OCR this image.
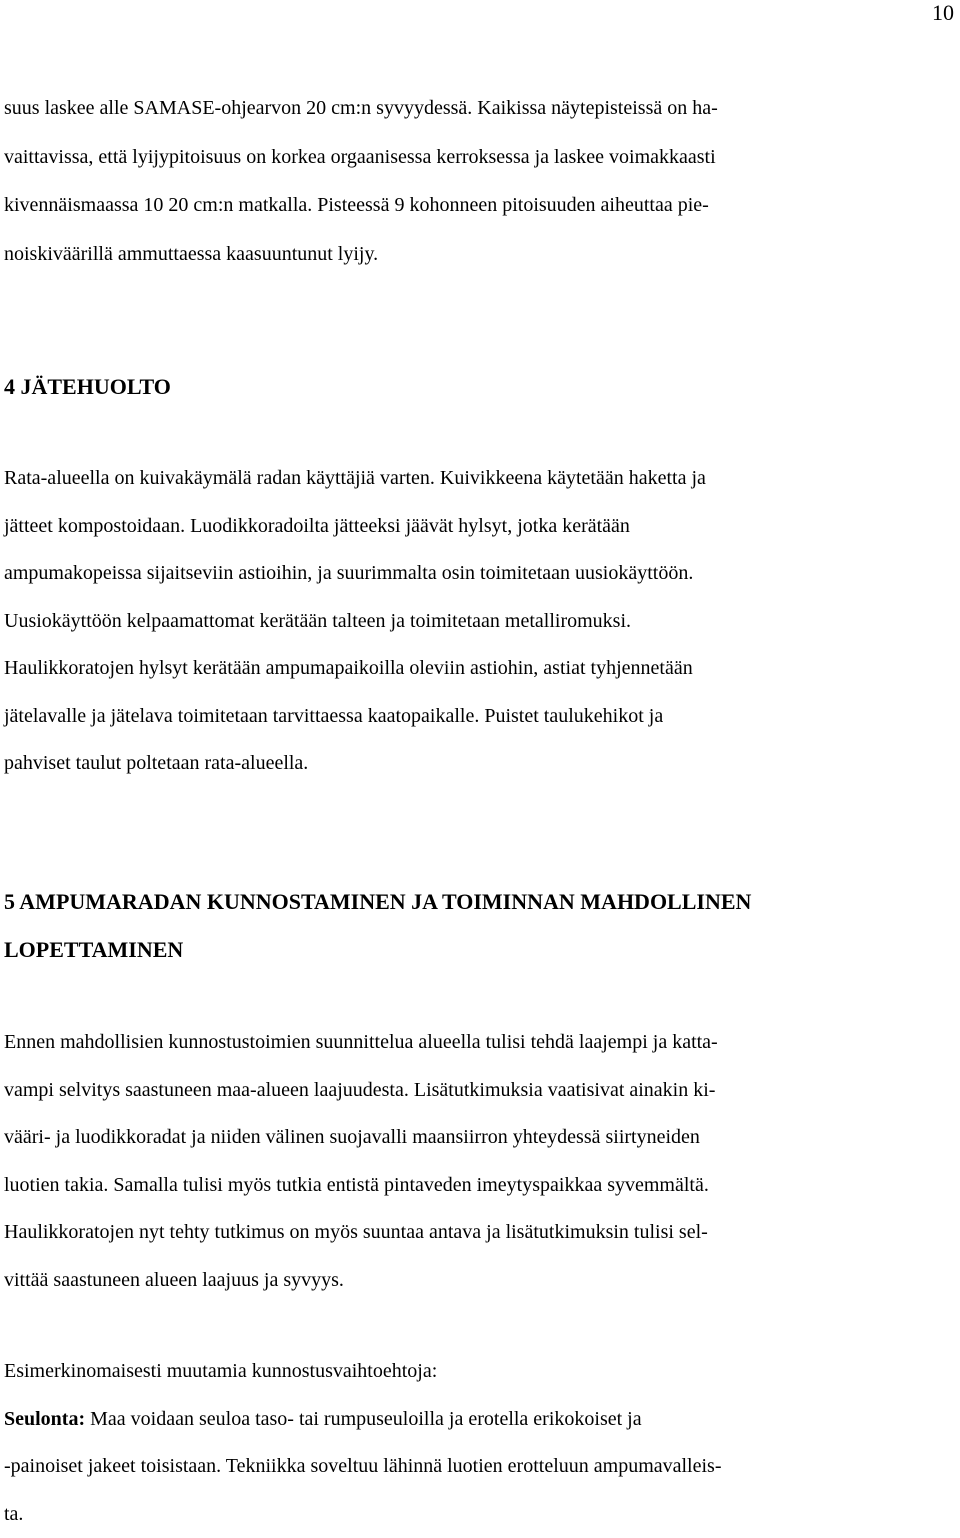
10
suus laskee alle SAMASE-ohjearvon 20 cm:n syvyydessä. Kaikissa näytepisteissä on ha-
vaittavissa, että lyijypitoisuus on korkea orgaanisessa kerroksessa ja laskee voimakkaasti
kivennäismaassa 10 20 cm:n matkalla. Pisteessä 9 kohonneen pitoisuuden aiheuttaa pie-
noiskiväärillä ammuttaessa kaasuuntunut lyijy.
4 JÄTEHUOLTO
Rata-alueella on kuivakäymälä radan käyttäjiä varten. Kuivikkeena käytetään haketta ja
jätteet kompostoidaan. Luodikkoradoilta jätteeksi jäävät hylsyt, jotka kerätään
ampumakopeissa sijaitseviin astioihin, ja suurimmalta osin toimitetaan uusiokäyttöön.
Uusiokäyttöön kelpaamattomat kerätään talteen ja toimitetaan metalliromuksi.
Haulikkoratojen hylsyt kerätään ampumapaikoilla oleviin astiohin, astiat tyhjennetään
jätelavalle ja jätelava toimitetaan tarvittaessa kaatopaikalle. Puistet taulukehikot ja
pahviset taulut poltetaan rata-alueella.
5 AMPUMARADAN KUNNOSTAMINEN JA TOIMINNAN MAHDOLLINEN
LOPETTAMINEN
Ennen mahdollisien kunnostustoimien suunnittelua alueella tulisi tehdä laajempi ja katta-
vampi selvitys saastuneen maa-alueen laajuudesta. Lisätutkimuksia vaatisivat ainakin ki-
vääri- ja luodikkoradat ja niiden välinen suojavalli maansiirron yhteydessä siirtyneiden
luotien takia. Samalla tulisi myös tutkia entistä pintaveden imeytyspaikkaa syvemmältä.
Haulikkoratojen nyt tehty tutkimus on myös suuntaa antava ja lisätutkimuksin tulisi sel-
vittää saastuneen alueen laajuus ja syvyys.
Esimerkinomaisesti muutamia kunnostusvaihtoehtoja:
Seulonta: Maa voidaan seuloa taso- tai rumpuseuloilla ja erotella erikokoiset ja
-painoiset jakeet toisistaan. Tekniikka soveltuu lähinnä luotien erotteluun ampumavalleis-
ta.
